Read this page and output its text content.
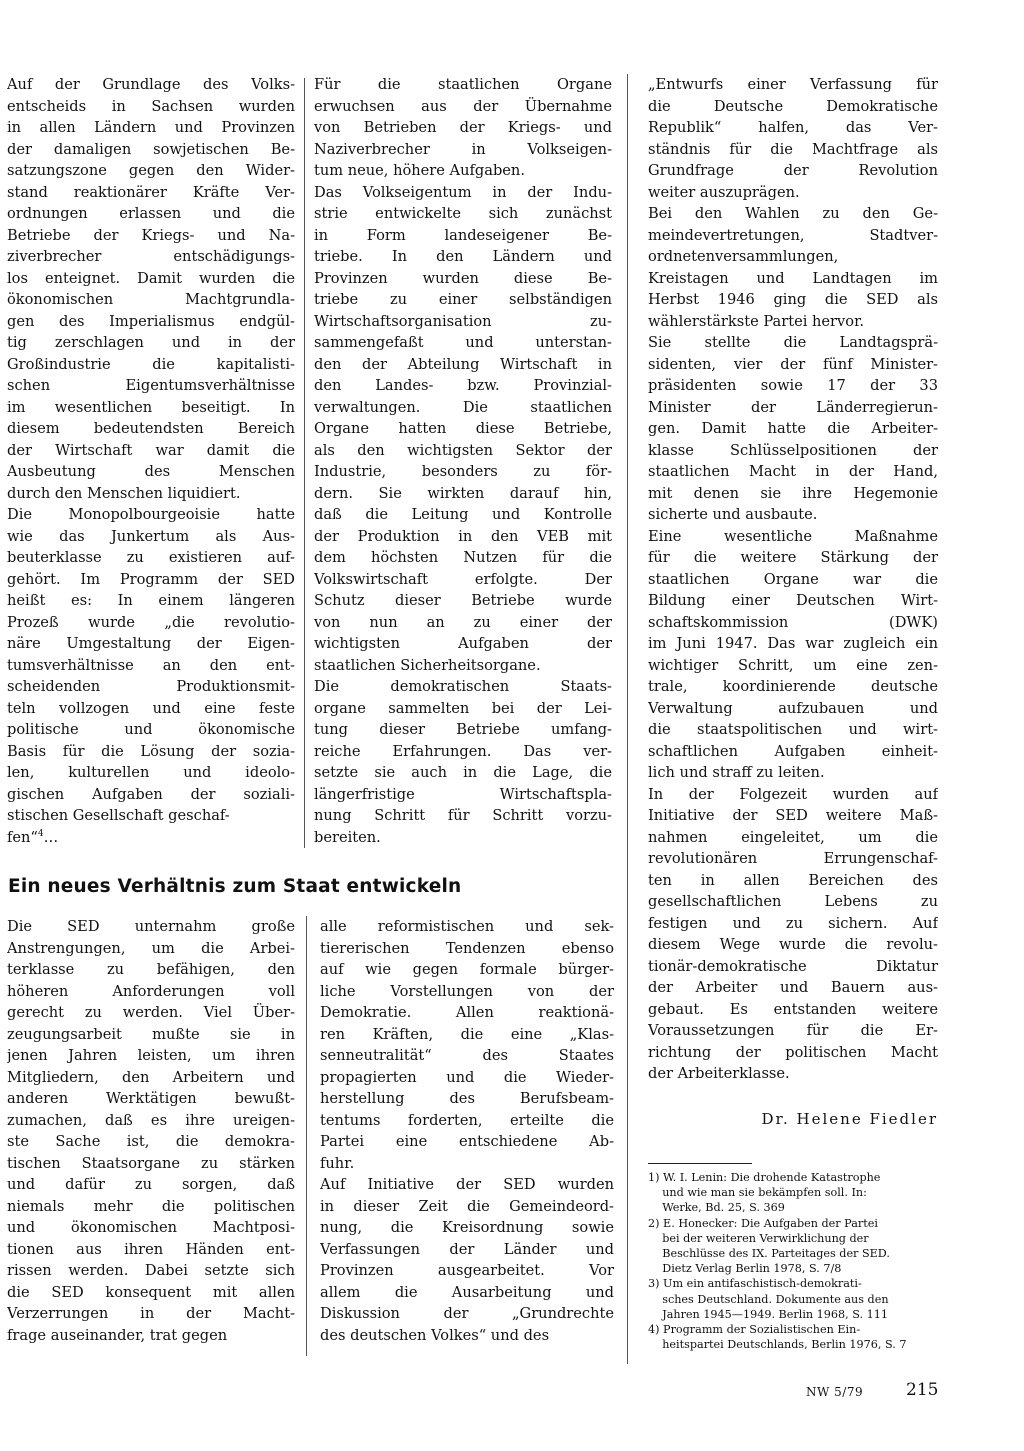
Auf der Grundlage des Volks-
entscheids in Sachsen wurden
in allen Ländern und Provinzen
der damaligen sowjetischen Be-
satzungszone gegen den Wider-
stand reaktionärer Kräfte Ver-
ordnungen erlassen und die
Betriebe der Kriegs- und Na-
ziverbrecher entschädigungs-
los enteignet. Damit wurden die
ökonomischen Machtgrundla-
gen des Imperialismus endgül-
tig zerschlagen und in der
Großindustrie die kapitalisti-
schen Eigentumsverhältnisse
im wesentlichen beseitigt. In
diesem bedeutendsten Bereich
der Wirtschaft war damit die
Ausbeutung des Menschen
durch den Menschen liquidiert.
Die Monopolbourgeoisie hatte
wie das Junkertum als Aus-
beuterklasse zu existieren auf-
gehört. Im Programm der SED
heißt es: In einem längeren
Prozeß wurde „die revolutio-
näre Umgestaltung der Eigen-
tumsverhältnisse an den ent-
scheidenden Produktionsmit-
teln vollzogen und eine feste
politische und ökonomische
Basis für die Lösung der sozia-
len, kulturellen und ideolo-
gischen Aufgaben der soziali-
stischen Gesellschaft geschaf-
fen“$^4$…
Für die staatlichen Organe
erwuchsen aus der Übernahme
von Betrieben der Kriegs- und
Naziverbrecher in Volkseigen-
tum neue, höhere Aufgaben.
Das Volkseigentum in der Indu-
strie entwickelte sich zunächst
in Form landeseigener Be-
triebe. In den Ländern und
Provinzen wurden diese Be-
triebe zu einer selbständigen
Wirtschaftsorganisation zu-
sammengefaßt und unterstan-
den der Abteilung Wirtschaft in
den Landes- bzw. Provinzial-
verwaltungen. Die staatlichen
Organe hatten diese Betriebe,
als den wichtigsten Sektor der
Industrie, besonders zu för-
dern. Sie wirkten darauf hin,
daß die Leitung und Kontrolle
der Produktion in den VEB mit
dem höchsten Nutzen für die
Volkswirtschaft erfolgte. Der
Schutz dieser Betriebe wurde
von nun an zu einer der
wichtigsten Aufgaben der
staatlichen Sicherheitsorgane.
Die demokratischen Staats-
organe sammelten bei der Lei-
tung dieser Betriebe umfang-
reiche Erfahrungen. Das ver-
setzte sie auch in die Lage, die
längerfristige Wirtschaftspla-
nung Schritt für Schritt vorzu-
bereiten.
„Entwurfs einer Verfassung für
die Deutsche Demokratische
Republik“ halfen, das Ver-
ständnis für die Machtfrage als
Grundfrage der Revolution
weiter auszuprägen.
Bei den Wahlen zu den Ge-
meindevertretungen, Stadtver-
ordnetenversammlungen,
Kreistagen und Landtagen im
Herbst 1946 ging die SED als
wählerstärkste Partei hervor.
Sie stellte die Landtagsprä-
sidenten, vier der fünf Minister-
präsidenten sowie 17 der 33
Minister der Länderregierun-
gen. Damit hatte die Arbeiter-
klasse Schlüsselpositionen der
staatlichen Macht in der Hand,
mit denen sie ihre Hegemonie
sicherte und ausbaute.
Eine wesentliche Maßnahme
für die weitere Stärkung der
staatlichen Organe war die
Bildung einer Deutschen Wirt-
schaftskommission (DWK)
im Juni 1947. Das war zugleich ein
wichtiger Schritt, um eine zen-
trale, koordinierende deutsche
Verwaltung aufzubauen und
die staatspolitischen und wirt-
schaftlichen Aufgaben einheit-
lich und straff zu leiten.
In der Folgezeit wurden auf
Initiative der SED weitere Maß-
nahmen eingeleitet, um die
revolutionären Errungenschaf-
ten in allen Bereichen des
gesellschaftlichen Lebens zu
festigen und zu sichern. Auf
diesem Wege wurde die revolu-
tionär-demokratische Diktatur
der Arbeiter und Bauern aus-
gebaut. Es entstanden weitere
Voraussetzungen für die Er-
richtung der politischen Macht
der Arbeiterklasse.
Ein neues Verhältnis zum Staat entwickeln
Die SED unternahm große
Anstrengungen, um die Arbei-
terklasse zu befähigen, den
höheren Anforderungen voll
gerecht zu werden. Viel Über-
zeugungsarbeit mußte sie in
jenen Jahren leisten, um ihren
Mitgliedern, den Arbeitern und
anderen Werktätigen bewußt-
zumachen, daß es ihre ureigen-
ste Sache ist, die demokra-
tischen Staatsorgane zu stärken
und dafür zu sorgen, daß
niemals mehr die politischen
und ökonomischen Machtposi-
tionen aus ihren Händen ent-
rissen werden. Dabei setzte sich
die SED konsequent mit allen
Verzerrungen in der Macht-
frage auseinander, trat gegen
alle reformistischen und sek-
tiererischen Tendenzen ebenso
auf wie gegen formale bürger-
liche Vorstellungen von der
Demokratie. Allen reaktionä-
ren Kräften, die eine „Klas-
senneutralität“ des Staates
propagierten und die Wieder-
herstellung des Berufsbeam-
tentums forderten, erteilte die
Partei eine entschiedene Ab-
fuhr.
Auf Initiative der SED wurden
in dieser Zeit die Gemeindeord-
nung, die Kreisordnung sowie
Verfassungen der Länder und
Provinzen ausgearbeitet. Vor
allem die Ausarbeitung und
Diskussion der „Grundrechte
des deutschen Volkes“ und des
Dr. Helene Fiedler
1) W. I. Lenin: Die drohende Katastrophe
und wie man sie bekämpfen soll. In:
Werke, Bd. 25, S. 369
2) E. Honecker: Die Aufgaben der Partei
bei der weiteren Verwirklichung der
Beschlüsse des IX. Parteitages der SED.
Dietz Verlag Berlin 1978, S. 7/8
3) Um ein antifaschistisch-demokrati-
sches Deutschland. Dokumente aus den
Jahren 1945—1949. Berlin 1968, S. 111
4) Programm der Sozialistischen Ein-
heitspartei Deutschlands, Berlin 1976, S. 7
NW 5/79	215
